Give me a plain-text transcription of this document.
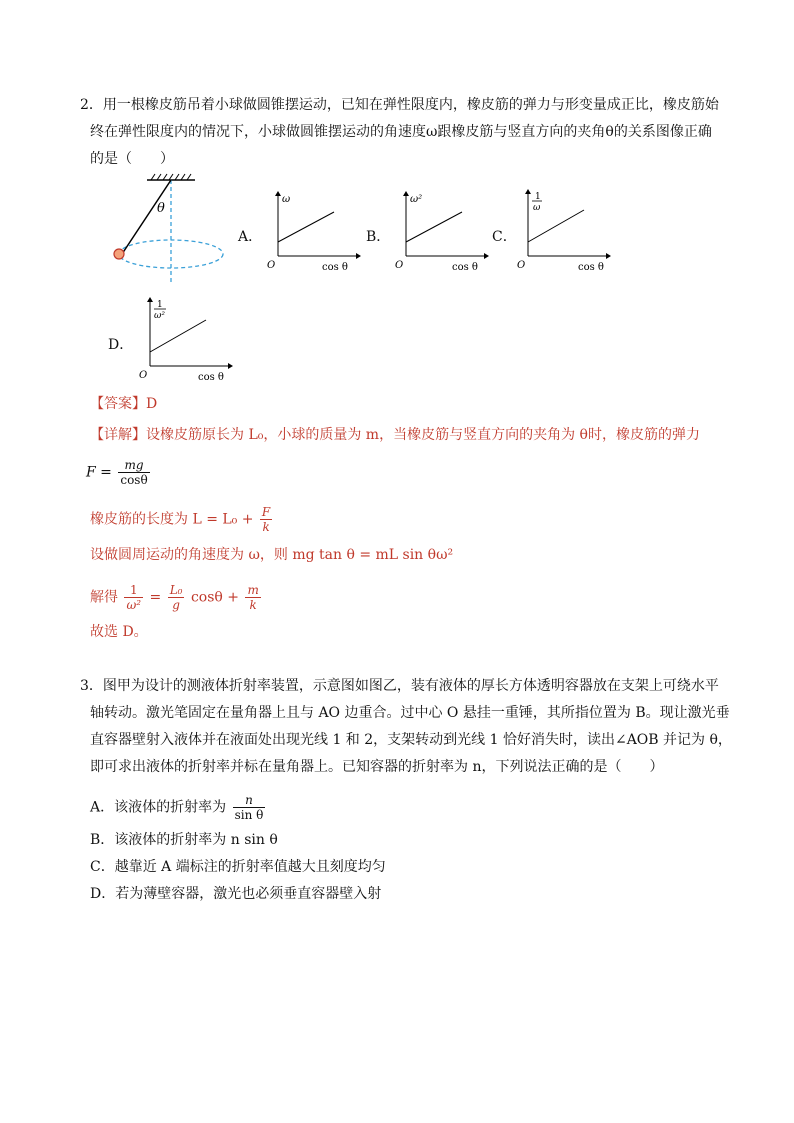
2．用一根橡皮筋吊着小球做圆锥摆运动，已知在弹性限度内，橡皮筋的弹力与形变量成正比，橡皮筋始
终在弹性限度内的情况下，小球做圆锥摆运动的角速度ω跟橡皮筋与竖直方向的夹角θ的关系图像正确
的是（　　）
θ
A．
ω
O	cos θ
B．
ω²
O	cos θ
C．
1
ω
O	cos θ
D．
1
ω²
O	cos θ
【答案】D
【详解】设橡皮筋原长为 L₀，小球的质量为 m，当橡皮筋与竖直方向的夹角为 θ时，橡皮筋的弹力
$F = \frac{mg}{\cos\theta}$
橡皮筋的长度为 $L = L_0 + \frac{F}{k}$
设做圆周运动的角速度为 ω，则 mg tan θ = mL sin θω²
解得 $\frac{1}{\text{ω²}} = \frac{\text{L₀}}{g}$ $\cos\theta + \frac{m}{k}$
故选 D。
3．图甲为设计的测液体折射率装置，示意图如图乙，装有液体的厚长方体透明容器放在支架上可绕水平
轴转动。激光笔固定在量角器上且与 AO 边重合。过中心 O 悬挂一重锤，其所指位置为 B。现让激光垂
直容器壁射入液体并在液面处出现光线 1 和 2，支架转动到光线 1 恰好消失时，读出∠AOB 并记为 θ，
即可求出液体的折射率并标在量角器上。已知容器的折射率为 n，下列说法正确的是（　　）
A．该液体的折射率为 $\frac{n}{\text{sin θ}}$
B．该液体的折射率为 n sin θ
C．越靠近 A 端标注的折射率值越大且刻度均匀
D．若为薄壁容器，激光也必须垂直容器壁入射
